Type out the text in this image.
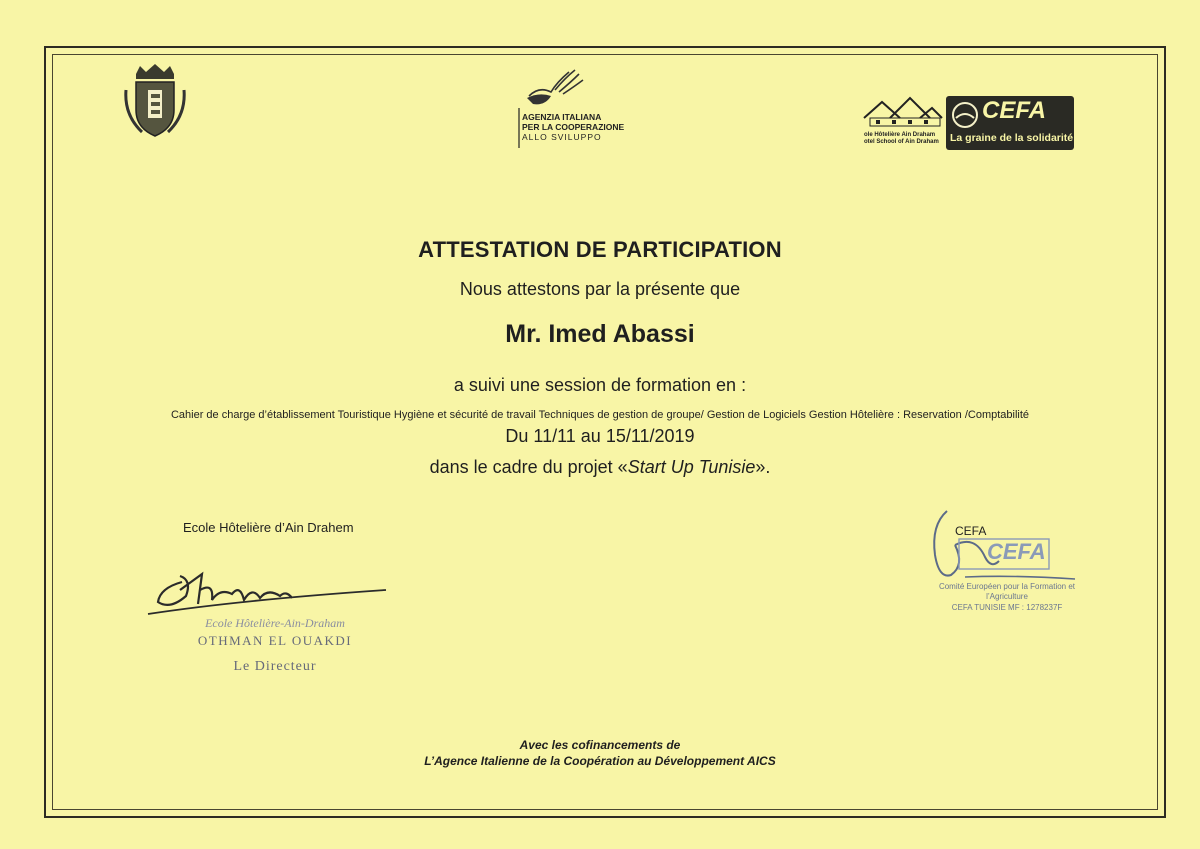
AGENZIA ITALIANA
PER LA COOPERAZIONE
ALLO SVILUPPO	ole Hôtelière Ain Draham
otel School of Ain Draham
CEFA
La graine de la solidarité
ATTESTATION DE PARTICIPATION
Nous attestons par la présente que
Mr. Imed Abassi
a suivi une session de formation en :
Cahier de charge d’établissement Touristique Hygiène et sécurité de travail Techniques de gestion de groupe/ Gestion de Logiciels Gestion Hôtelière : Reservation /Comptabilité
Du 11/11 au 15/11/2019
dans le cadre du projet «Start Up Tunisie».
Ecole Hôtelière d’Ain Drahem
Ecole Hôtelière-Ain-Draham
OTHMAN EL OUAKDI
Le Directeur
CEFA
CEFA
Comité Européen pour la Formation et l’Agriculture
CEFA TUNISIE MF : 1278237F
Avec les cofinancements de
L’Agence Italienne de la Coopération au Développement AICS
